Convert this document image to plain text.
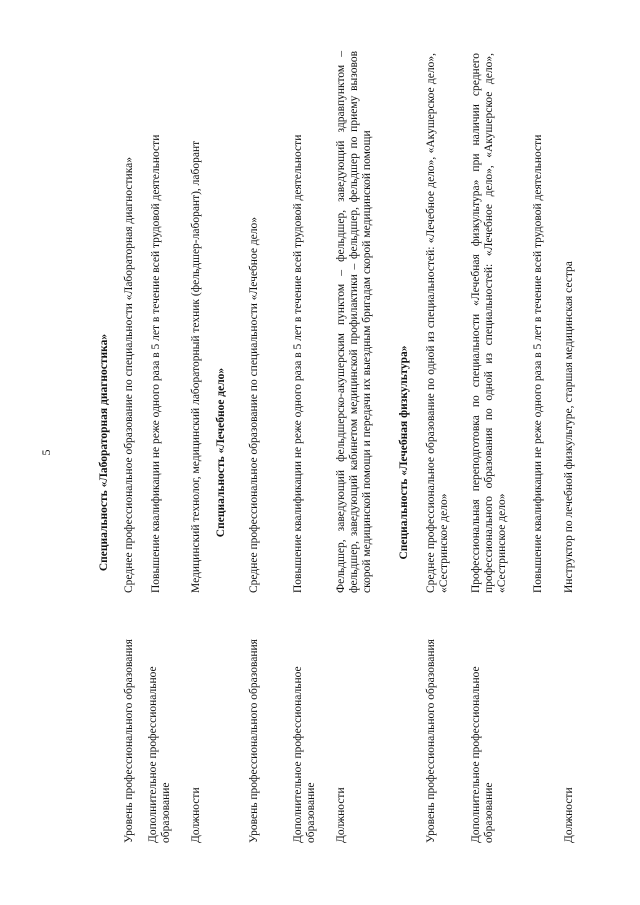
5	Специальность «Лабораторная диагностика»
Уровень профессионального образования
Среднее профессиональное образование по специальности «Лабораторная диагностика»
Дополнительное профессиональное образование
Повышение квалификации не реже одного раза в 5 лет в течение всей трудовой деятельности
Должности
Медицинский технолог, медицинский лабораторный техник (фельдшер-лаборант), лаборант Специальность «Лечебное дело»
Уровень профессионального образования
Среднее профессиональное образование по специальности «Лечебное дело»
Дополнительное профессиональное образование
Повышение квалификации не реже одного раза в 5 лет в течение всей трудовой деятельности
Должности
Фельдшер, заведующий фельдшерско-акушерским пунктом – фельдшер, заведующий здравпунктом – фельдшер, заведующий кабинетом медицинской профилактики – фельдшер, фельдшер по приему вызовов скорой медицинской помощи и передачи их выездным бригадам скорой медицинской помощи Специальность «Лечебная физкультура»
Уровень профессионального образования
Среднее профессиональное образование по одной из специальностей: «Лечебное дело», «Акушерское дело», «Сестринское дело»
Дополнительное профессиональное образование
Профессиональная переподготовка по специальности «Лечебная физкультура» при наличии среднего профессионального образования по одной из специальностей: «Лечебное дело», «Акушерское дело», «Сестринское дело» Повышение квалификации не реже одного раза в 5 лет в течение всей трудовой деятельности
Должности
Инструктор по лечебной физкультуре, старшая медицинская сестра
